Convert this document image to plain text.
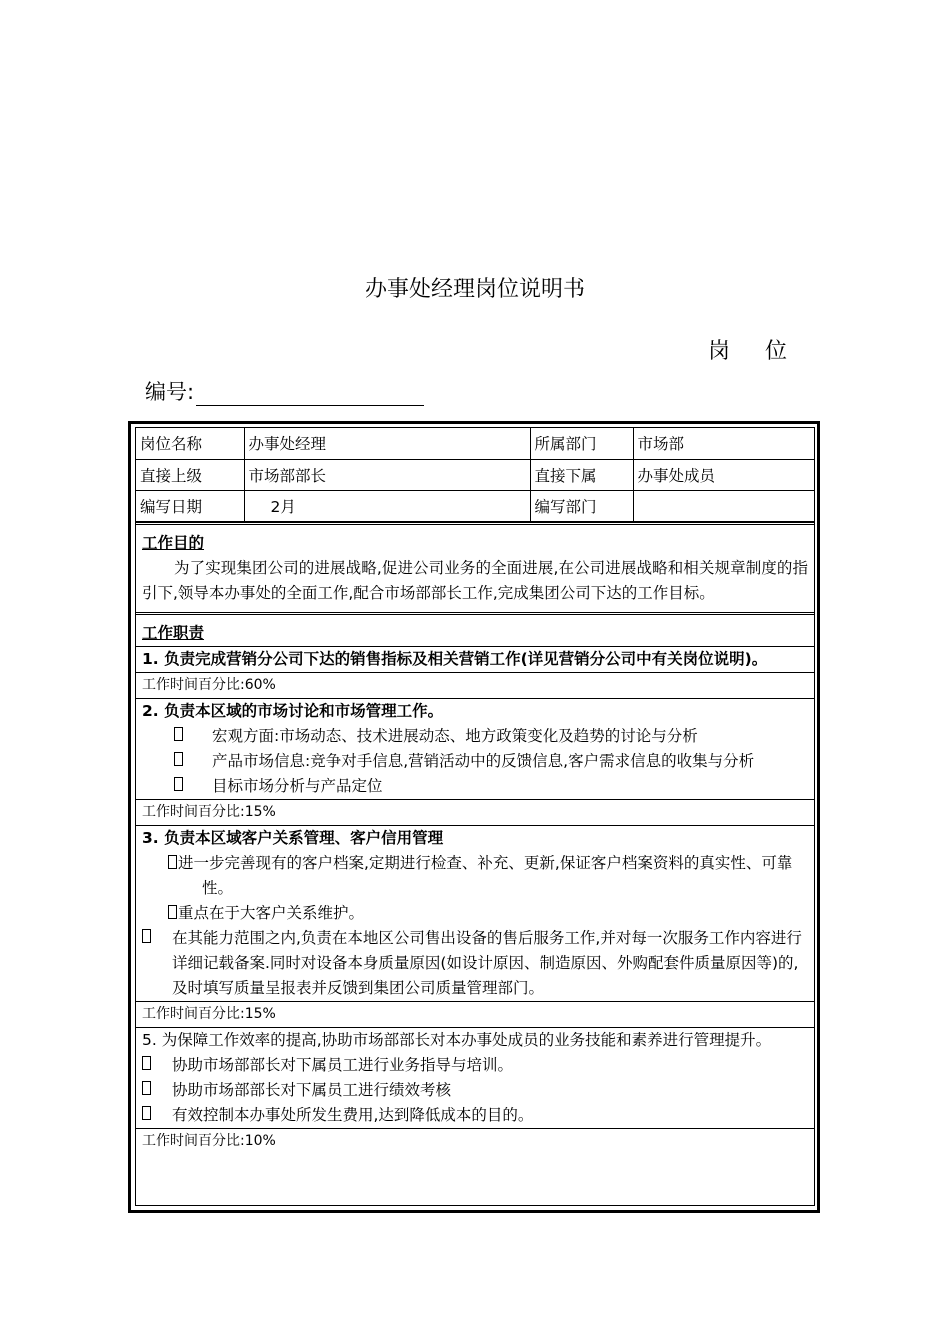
办事处经理岗位说明书
岗 位
编号:
岗位名称	办事处经理	所属部门	市场部
直接上级	市场部部长	直接下属	办事处成员
编写日期	2月	编写部门	
工作目的
为了实现集团公司的进展战略,促进公司业务的全面进展,在公司进展战略和相关规章制度的指引下,领导本办事处的全面工作,配合市场部部长工作,完成集团公司下达的工作目标。
工作职责
1. 负责完成营销分公司下达的销售指标及相关营销工作(详见营销分公司中有关岗位说明)。
工作时间百分比:60%
2. 负责本区域的市场讨论和市场管理工作。
宏观方面:市场动态、技术进展动态、地方政策变化及趋势的讨论与分析
产品市场信息:竞争对手信息,营销活动中的反馈信息,客户需求信息的收集与分析
目标市场分析与产品定位
工作时间百分比:15%
3. 负责本区域客户关系管理、客户信用管理
进一步完善现有的客户档案,定期进行检查、补充、更新,保证客户档案资料的真实性、可靠性。
重点在于大客户关系维护。
在其能力范围之内,负责在本地区公司售出设备的售后服务工作,并对每一次服务工作内容进行详细记载备案.同时对设备本身质量原因(如设计原因、制造原因、外购配套件质量原因等)的,及时填写质量呈报表并反馈到集团公司质量管理部门。
工作时间百分比:15%
5. 为保障工作效率的提高,协助市场部部长对本办事处成员的业务技能和素养进行管理提升。
协助市场部部长对下属员工进行业务指导与培训。
协助市场部部长对下属员工进行绩效考核
有效控制本办事处所发生费用,达到降低成本的目的。
工作时间百分比:10%
